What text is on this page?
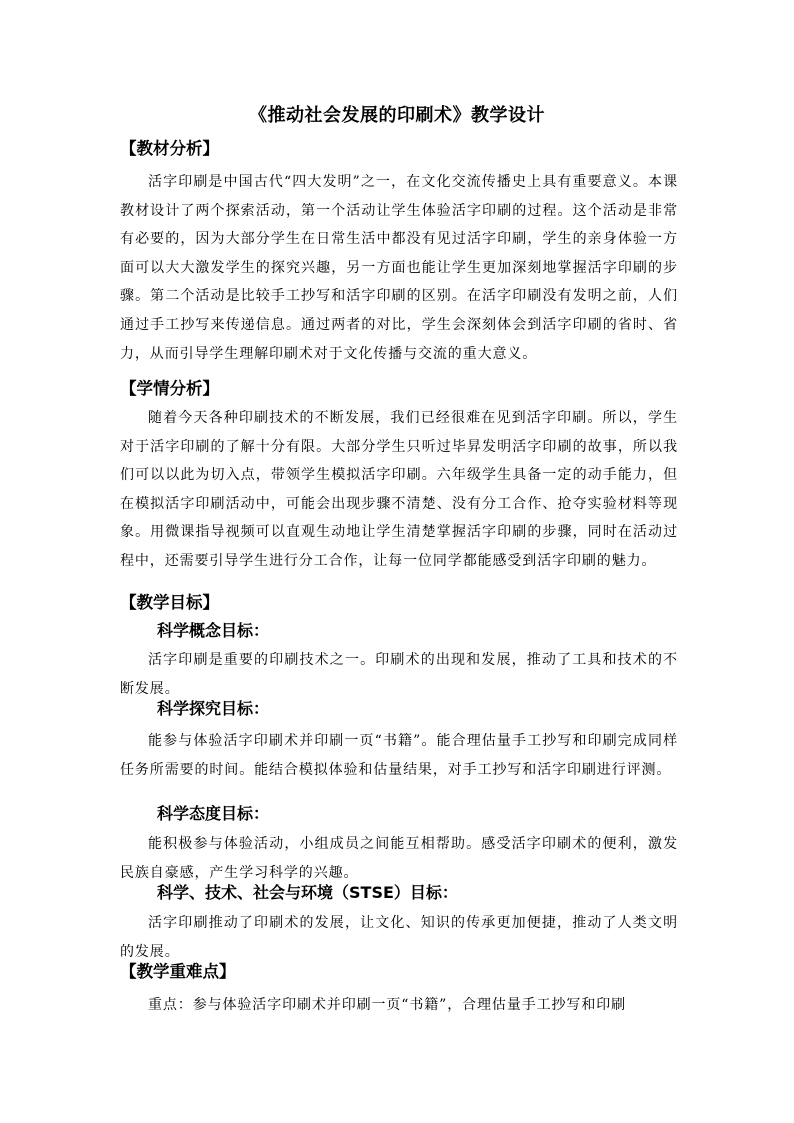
《推动社会发展的印刷术》教学设计
【教材分析】

活字印刷是中国古代“四大发明”之一，在文化交流传播史上具有重要意义。本课教材设计了两个探索活动，第一个活动让学生体验活字印刷的过程。这个活动是非常有必要的，因为大部分学生在日常生活中都没有见过活字印刷，学生的亲身体验一方面可以大大激发学生的探究兴趣，另一方面也能让学生更加深刻地掌握活字印刷的步骤。第二个活动是比较手工抄写和活字印刷的区别。在活字印刷没有发明之前，人们通过手工抄写来传递信息。通过两者的对比，学生会深刻体会到活字印刷的省时、省力，从而引导学生理解印刷术对于文化传播与交流的重大意义。

【学情分析】

随着今天各种印刷技术的不断发展，我们已经很难在见到活字印刷。所以，学生对于活字印刷的了解十分有限。大部分学生只听过毕昇发明活字印刷的故事，所以我们可以以此为切入点，带领学生模拟活字印刷。六年级学生具备一定的动手能力，但在模拟活字印刷活动中，可能会出现步骤不清楚、没有分工合作、抢夺实验材料等现象。用微课指导视频可以直观生动地让学生清楚掌握活字印刷的步骤，同时在活动过程中，还需要引导学生进行分工合作，让每一位同学都能感受到活字印刷的魅力。

【教学目标】
科学概念目标：

活字印刷是重要的印刷技术之一。印刷术的出现和发展，推动了工具和技术的不断发展。

科学探究目标：

能参与体验活字印刷术并印刷一页“书籍”。能合理估量手工抄写和印刷完成同样任务所需要的时间。能结合模拟体验和估量结果，对手工抄写和活字印刷进行评测。

科学态度目标：

能积极参与体验活动，小组成员之间能互相帮助。感受活字印刷术的便利，激发民族自豪感，产生学习科学的兴趣。

科学、技术、社会与环境（STSE）目标：

活字印刷推动了印刷术的发展，让文化、知识的传承更加便捷，推动了人类文明的发展。

【教学重难点】

重点：参与体验活字印刷术并印刷一页“书籍”，合理估量手工抄写和印刷
